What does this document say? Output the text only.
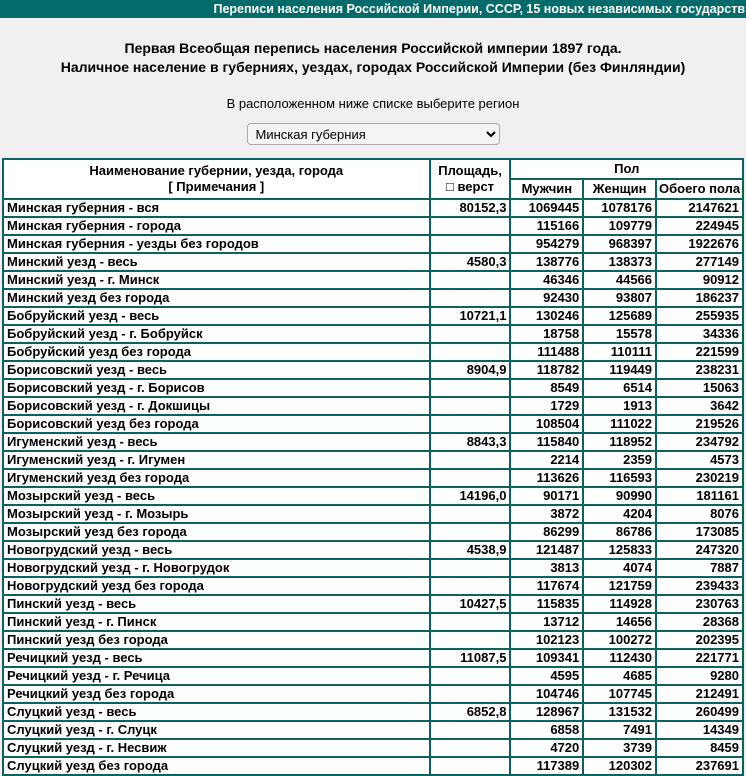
Переписи населения Российской Империи, СССР, 15 новых независимых государств
Первая Всеобщая перепись населения Российской империи 1897 года.
Наличное население в губерниях, уездах, городах Российской Империи (без Финляндии)
В расположенном ниже списке выберите регион
Минская губерния
Наименование губернии, уезда, города
[ Примечания ]

Площадь,
□ верст
	Пол
		Мужчин	Женщин	Обоего пола
Минская губерния - вся	80152,3	1069445	1078176	2147621
Минская губерния - города		115166	109779	224945
Минская губерния - уезды без городов		954279	968397	1922676
Минский уезд - весь	4580,3	138776	138373	277149
Минский уезд - г. Минск		46346	44566	90912
Минский уезд без города		92430	93807	186237
Бобруйский уезд - весь	10721,1	130246	125689	255935
Бобруйский уезд - г. Бобруйск		18758	15578	34336
Бобруйский уезд без города		111488	110111	221599
Борисовский уезд - весь	8904,9	118782	119449	238231
Борисовский уезд - г. Борисов		8549	6514	15063
Борисовский уезд - г. Докшицы		1729	1913	3642
Борисовский уезд без города		108504	111022	219526
Игуменский уезд - весь	8843,3	115840	118952	234792
Игуменский уезд - г. Игумен		2214	2359	4573
Игуменский уезд без города		113626	116593	230219
Мозырский уезд - весь	14196,0	90171	90990	181161
Мозырский уезд - г. Мозырь		3872	4204	8076
Мозырский уезд без города		86299	86786	173085
Новогрудский уезд - весь	4538,9	121487	125833	247320
Новогрудский уезд - г. Новогрудок		3813	4074	7887
Новогрудский уезд без города		117674	121759	239433
Пинский уезд - весь	10427,5	115835	114928	230763
Пинский уезд - г. Пинск		13712	14656	28368
Пинский уезд без города		102123	100272	202395
Речицкий уезд - весь	11087,5	109341	112430	221771
Речицкий уезд - г. Речица		4595	4685	9280
Речицкий уезд без города		104746	107745	212491
Слуцкий уезд - весь	6852,8	128967	131532	260499
Слуцкий уезд - г. Слуцк		6858	7491	14349
Слуцкий уезд - г. Несвиж		4720	3739	8459
Слуцкий уезд без города		117389	120302	237691
